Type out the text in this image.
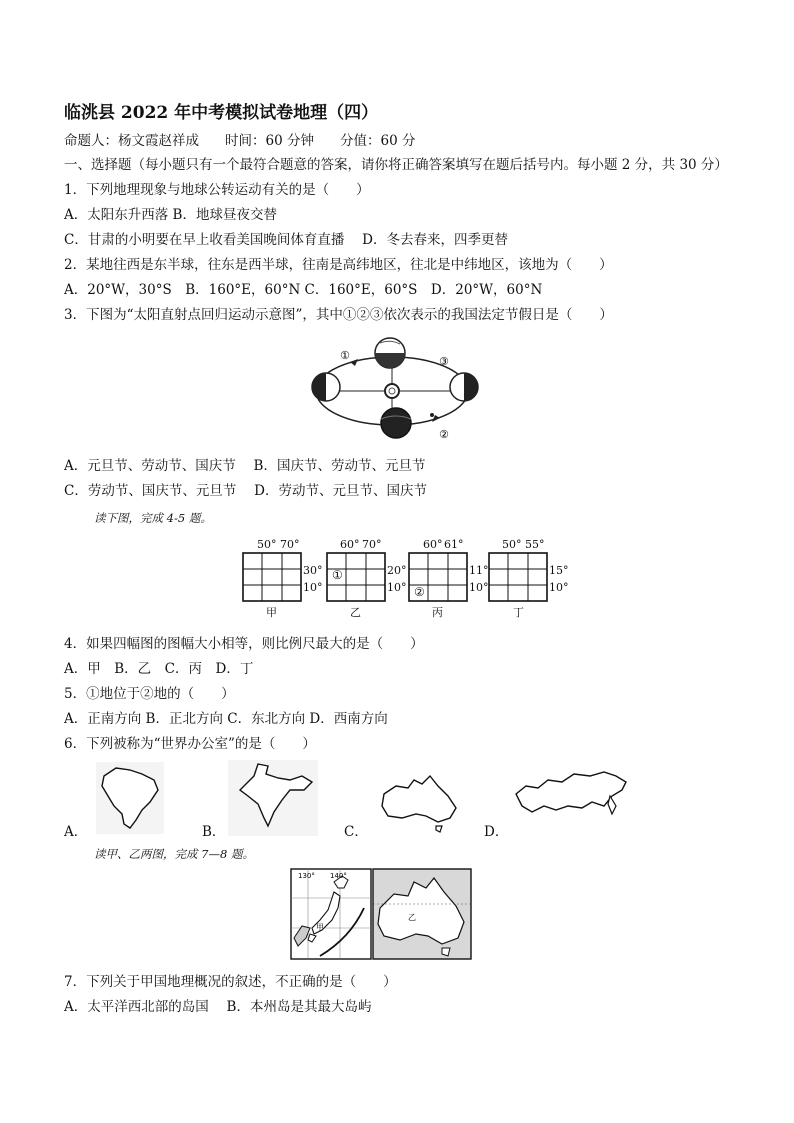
临洮县 2022 年中考模拟试卷地理（四）
命题人：杨文霞赵祥成 时间：60 分钟 分值：60 分
一、选择题（每小题只有一个最符合题意的答案，请你将正确答案填写在题后括号内。每小题 2 分，共 30 分）
1．下列地理现象与地球公转运动有关的是（　　）
A．太阳东升西落 B．地球昼夜交替
C．甘肃的小明要在早上收看美国晚间体育直播　 D．冬去春来，四季更替
2．某地往西是东半球，往东是西半球，往南是高纬地区，往北是中纬地区，该地为（　　）
A．20°W，30°S　B．160°E，60°N C．160°E，60°S　D．20°W，60°N
3．下图为“太阳直射点回归运动示意图”，其中①②③依次表示的我国法定节假日是（　　）
①
②
③
A．元旦节、劳动节、国庆节　 B．国庆节、劳动节、元旦节
C．劳动节、国庆节、元旦节　 D．劳动节、元旦节、国庆节
读下图，完成 4-5 题。
50° 70°
30°
10°
甲
60° 70°
①	20°
10°
乙
60° 61°
②
11°
10°
丙
50° 55°
15°
10°
丁
4．如果四幅图的图幅大小相等，则比例尺最大的是（　　）
A．甲　B．乙　C．丙　D．丁
5．①地位于②地的（　　）
A．正南方向 B．正北方向 C．东北方向 D．西南方向
6．下列被称为“世界办公室”的是（　　）
A．	B．	C．	D．
读甲、乙两图，完成 7—8 题。
130° 140°
甲
乙
7．下列关于甲国地理概况的叙述，不正确的是（　　）
A．太平洋西北部的岛国　 B．本州岛是其最大岛屿
